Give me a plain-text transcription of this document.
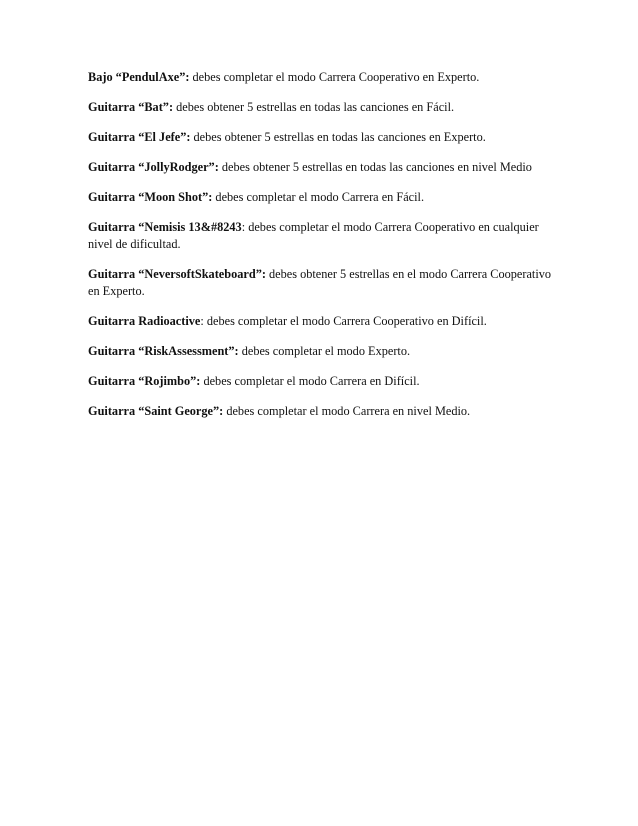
Bajo “PendulAxe”: debes completar el modo Carrera Cooperativo en Experto.

Guitarra “Bat”: debes obtener 5 estrellas en todas las canciones en Fácil.

Guitarra “El Jefe”: debes obtener 5 estrellas en todas las canciones en Experto.

Guitarra “JollyRodger”: debes obtener 5 estrellas en todas las canciones en nivel Medio

Guitarra “Moon Shot”: debes completar el modo Carrera en Fácil.

Guitarra “Nemisis 13&#8243: debes completar el modo Carrera Cooperativo en cualquier nivel de dificultad.

Guitarra “NeversoftSkateboard”: debes obtener 5 estrellas en el modo Carrera Cooperativo en Experto.

Guitarra Radioactive: debes completar el modo Carrera Cooperativo en Difícil.

Guitarra “RiskAssessment”: debes completar el modo Experto.

Guitarra “Rojimbo”: debes completar el modo Carrera en Difícil.

Guitarra “Saint George”: debes completar el modo Carrera en nivel Medio.
